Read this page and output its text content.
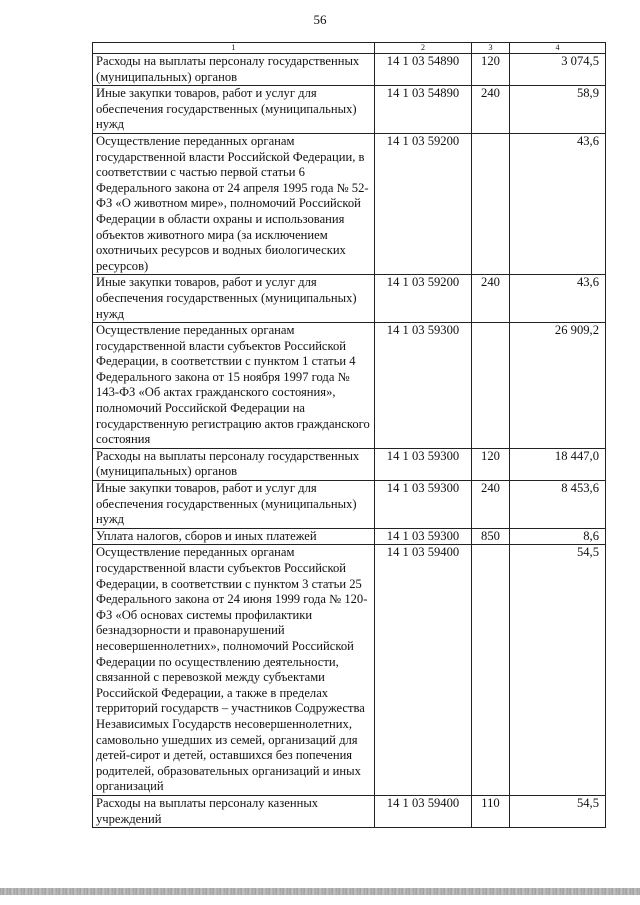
56
1	2	3	4
Расходы на выплаты персоналу государственных (муниципальных) органов	14 1 03 54890	120	3 074,5
Иные закупки товаров, работ и услуг для обеспечения государственных (муниципальных) нужд	14 1 03 54890	240	58,9
Осуществление переданных органам государственной власти Российской Федерации, в соответствии с частью первой статьи 6 Федерального закона от 24 апреля 1995 года № 52-ФЗ «О животном мире», полномочий Российской Федерации в области охраны и использования объектов животного мира (за исключением охотничьих ресурсов и водных биологических ресурсов)	14 1 03 59200		43,6
Иные закупки товаров, работ и услуг для обеспечения государственных (муниципальных) нужд	14 1 03 59200	240	43,6
Осуществление переданных органам государственной власти субъектов Российской Федерации, в соответствии с пунктом 1 статьи 4 Федерального закона от 15 ноября 1997 года № 143-ФЗ «Об актах гражданского состояния», полномочий Российской Федерации на государственную регистрацию актов гражданского состояния	14 1 03 59300		26 909,2
Расходы на выплаты персоналу государственных (муниципальных) органов	14 1 03 59300	120	18 447,0
Иные закупки товаров, работ и услуг для обеспечения государственных (муниципальных) нужд	14 1 03 59300	240	8 453,6
Уплата налогов, сборов и иных платежей	14 1 03 59300	850	8,6
Осуществление переданных органам государственной власти субъектов Российской Федерации, в соответствии с пунктом 3 статьи 25 Федерального закона от 24 июня 1999 года № 120-ФЗ «Об основах системы профилактики безнадзорности и правонарушений несовершеннолетних», полномочий Российской Федерации по осуществлению деятельности, связанной с перевозкой между субъектами Российской Федерации, а также в пределах территорий государств – участников Содружества Независимых Государств несовершеннолетних, самовольно ушедших из семей, организаций для детей-сирот и детей, оставшихся без попечения родителей, образовательных организаций и иных организаций	14 1 03 59400		54,5
Расходы на выплаты персоналу казенных учреждений	14 1 03 59400	110	54,5
